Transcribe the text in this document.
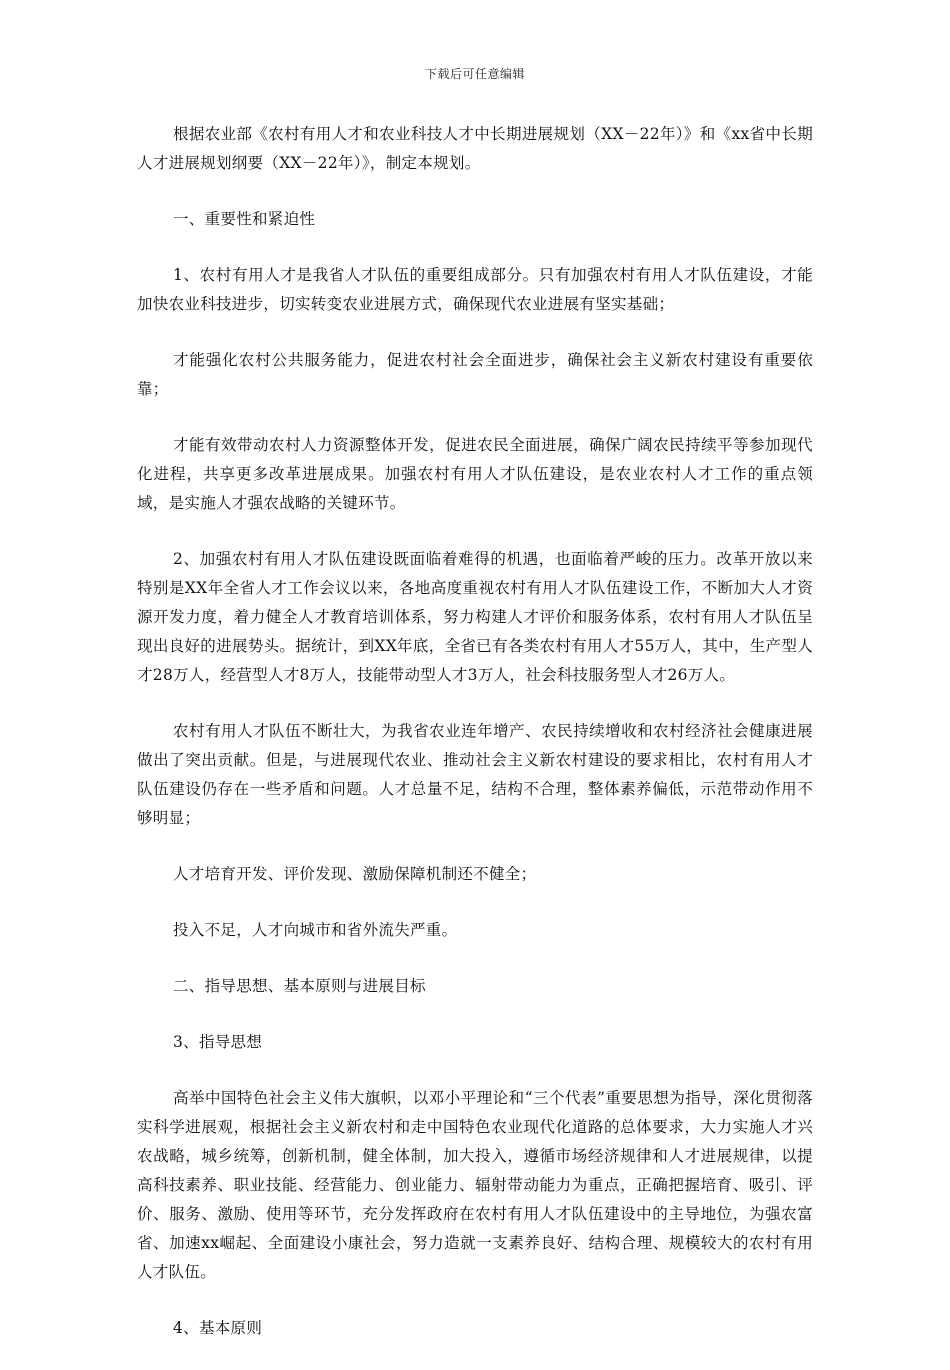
下载后可任意编辑

根据农业部《农村有用人才和农业科技人才中长期进展规划（XX－22年）》和《xx省中长期人才进展规划纲要（XX－22年）》，制定本规划。

一、重要性和紧迫性

1、农村有用人才是我省人才队伍的重要组成部分。只有加强农村有用人才队伍建设，才能加快农业科技进步，切实转变农业进展方式，确保现代农业进展有坚实基础；

才能强化农村公共服务能力，促进农村社会全面进步，确保社会主义新农村建设有重要依靠；

才能有效带动农村人力资源整体开发，促进农民全面进展，确保广阔农民持续平等参加现代化进程，共享更多改革进展成果。加强农村有用人才队伍建设，是农业农村人才工作的重点领域，是实施人才强农战略的关键环节。

2、加强农村有用人才队伍建设既面临着难得的机遇，也面临着严峻的压力。改革开放以来特别是XX年全省人才工作会议以来，各地高度重视农村有用人才队伍建设工作，不断加大人才资源开发力度，着力健全人才教育培训体系，努力构建人才评价和服务体系，农村有用人才队伍呈现出良好的进展势头。据统计，到XX年底，全省已有各类农村有用人才55万人，其中，生产型人才28万人，经营型人才8万人，技能带动型人才3万人，社会科技服务型人才26万人。

农村有用人才队伍不断壮大，为我省农业连年增产、农民持续增收和农村经济社会健康进展做出了突出贡献。但是，与进展现代农业、推动社会主义新农村建设的要求相比，农村有用人才队伍建设仍存在一些矛盾和问题。人才总量不足，结构不合理，整体素养偏低，示范带动作用不够明显；

人才培育开发、评价发现、激励保障机制还不健全；

投入不足，人才向城市和省外流失严重。

二、指导思想、基本原则与进展目标

3、指导思想

高举中国特色社会主义伟大旗帜，以邓小平理论和“三个代表”重要思想为指导，深化贯彻落实科学进展观，根据社会主义新农村和走中国特色农业现代化道路的总体要求，大力实施人才兴农战略，城乡统筹，创新机制，健全体制，加大投入，遵循市场经济规律和人才进展规律，以提高科技素养、职业技能、经营能力、创业能力、辐射带动能力为重点，正确把握培育、吸引、评价、服务、激励、使用等环节，充分发挥政府在农村有用人才队伍建设中的主导地位，为强农富省、加速xx崛起、全面建设小康社会，努力造就一支素养良好、结构合理、规模较大的农村有用人才队伍。

4、基本原则
